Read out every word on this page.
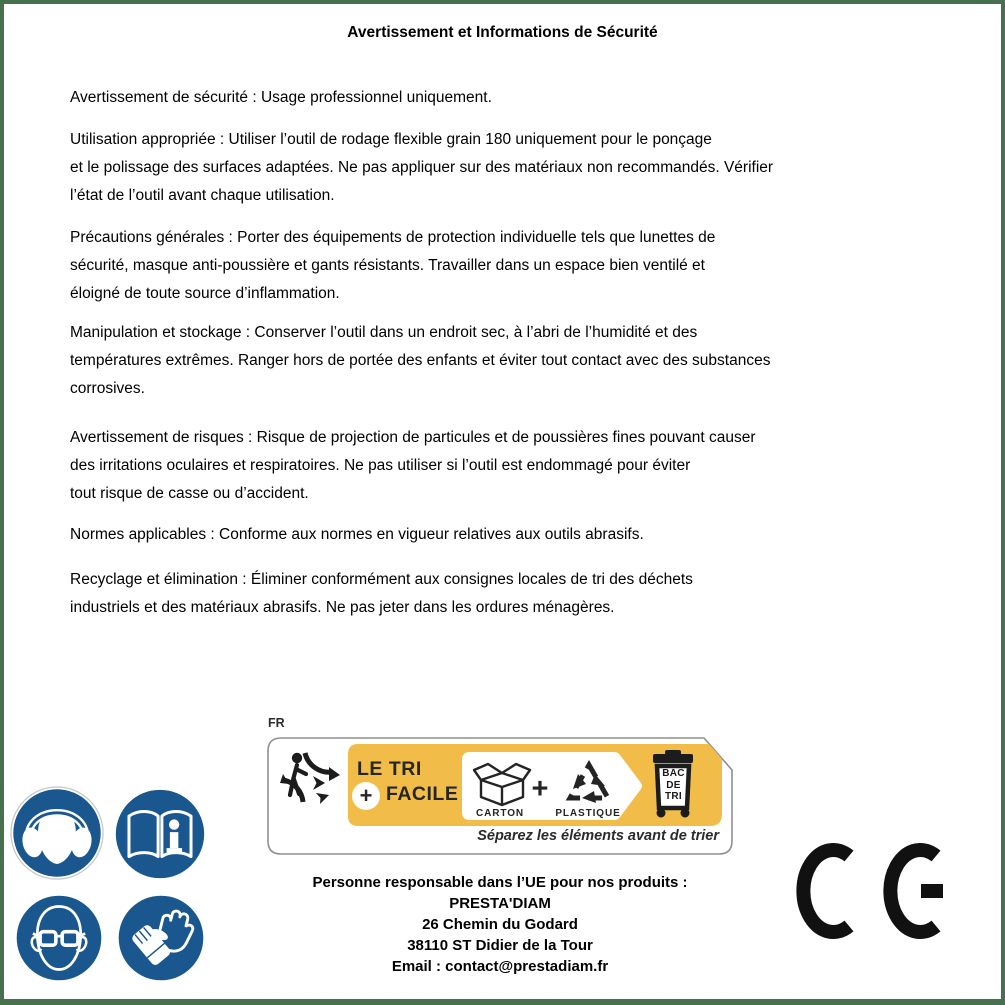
Avertissement et Informations de Sécurité
Avertissement de sécurité : Usage professionnel uniquement.
Utilisation appropriée : Utiliser l’outil de rodage flexible grain 180 uniquement pour le ponçage
et le polissage des surfaces adaptées. Ne pas appliquer sur des matériaux non recommandés. Vérifier
l’état de l’outil avant chaque utilisation.
Précautions générales : Porter des équipements de protection individuelle tels que lunettes de
sécurité, masque anti-poussière et gants résistants. Travailler dans un espace bien ventilé et
éloigné de toute source d’inflammation.
Manipulation et stockage : Conserver l’outil dans un endroit sec, à l’abri de l’humidité et des
températures extrêmes. Ranger hors de portée des enfants et éviter tout contact avec des substances
corrosives.
Avertissement de risques : Risque de projection de particules et de poussières fines pouvant causer
des irritations oculaires et respiratoires. Ne pas utiliser si l’outil est endommagé pour éviter
tout risque de casse ou d’accident.
Normes applicables : Conforme aux normes en vigueur relatives aux outils abrasifs.
Recyclage et élimination : Éliminer conformément aux consignes locales de tri des déchets
industriels et des matériaux abrasifs. Ne pas jeter dans les ordures ménagères.
FR
LE TRI
+ FACILE
CARTON
+
PLASTIQUE
BAC
DE
TRI
Séparez les éléments avant de trier
Personne responsable dans l’UE pour nos produits :
PRESTA'DIAM
26 Chemin du Godard
38110 ST Didier de la Tour
Email : contact@prestadiam.fr
